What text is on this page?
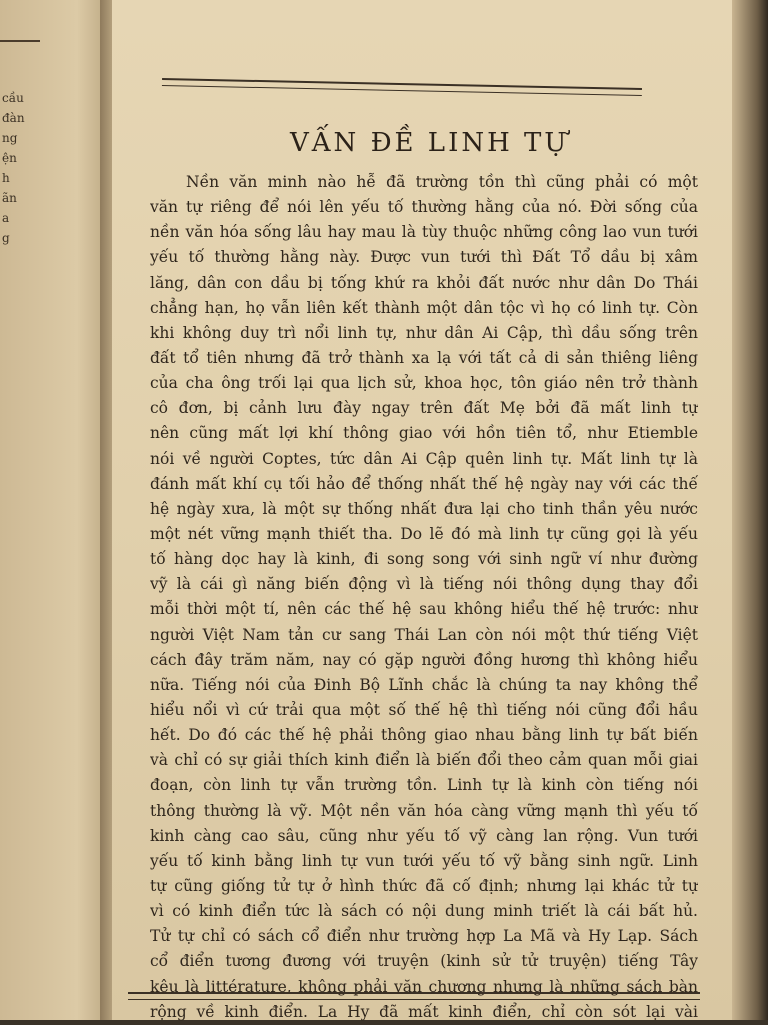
cầu
đàn
ng
ện
h
ãn
a
g
VẤN ĐỀ LINH TỰ
Nền văn minh nào hễ đã trường tồn thì cũng phải có một
văn tự riêng để nói lên yếu tố thường hằng của nó. Đời sống của
nền văn hóa sống lâu hay mau là tùy thuộc những công lao vun tưới
yếu tố thường hằng này. Được vun tưới thì Đất Tổ dầu bị xâm
lăng, dân con dầu bị tống khứ ra khỏi đất nước như dân Do Thái
chẳng hạn, họ vẫn liên kết thành một dân tộc vì họ có linh tự. Còn
khi không duy trì nổi linh tự, như dân Ai Cập, thì dầu sống trên
đất tổ tiên nhưng đã trở thành xa lạ với tất cả di sản thiêng liêng
của cha ông trối lại qua lịch sử, khoa học, tôn giáo nên trở thành
cô đơn, bị cảnh lưu đày ngay trên đất Mẹ bởi đã mất linh tự
nên cũng mất lợi khí thông giao với hồn tiên tổ, như Etiemble
nói về người Coptes, tức dân Ai Cập quên linh tự. Mất linh tự là
đánh mất khí cụ tối hảo để thống nhất thế hệ ngày nay với các thế
hệ ngày xưa, là một sự thống nhất đưa lại cho tinh thần yêu nước
một nét vững mạnh thiết tha. Do lẽ đó mà linh tự cũng gọi là yếu
tố hàng dọc hay là kinh, đi song song với sinh ngữ ví như đường
vỹ là cái gì năng biến động vì là tiếng nói thông dụng thay đổi
mỗi thời một tí, nên các thế hệ sau không hiểu thế hệ trước: như
người Việt Nam tản cư sang Thái Lan còn nói một thứ tiếng Việt
cách đây trăm năm, nay có gặp người đồng hương thì không hiểu
nữa. Tiếng nói của Đinh Bộ Lĩnh chắc là chúng ta nay không thể
hiểu nổi vì cứ trải qua một số thế hệ thì tiếng nói cũng đổi hầu
hết. Do đó các thế hệ phải thông giao nhau bằng linh tự bất biến
và chỉ có sự giải thích kinh điển là biến đổi theo cảm quan mỗi giai
đoạn, còn linh tự vẫn trường tồn. Linh tự là kinh còn tiếng nói
thông thường là vỹ. Một nền văn hóa càng vững mạnh thì yếu tố
kinh càng cao sâu, cũng như yếu tố vỹ càng lan rộng. Vun tưới
yếu tố kinh bằng linh tự vun tưới yếu tố vỹ bằng sinh ngữ. Linh
tự cũng giống tử tự ở hình thức đã cố định; nhưng lại khác tử tự
vì có kinh điển tức là sách có nội dung minh triết là cái bất hủ.
Tử tự chỉ có sách cổ điển như trường hợp La Mã và Hy Lạp. Sách
cổ điển tương đương với truyện (kinh sử tử truyện) tiếng Tây
kêu là littérature, không phải văn chương nhưng là những sách bàn
rộng về kinh điển. La Hy đã mất kinh điển, chỉ còn sót lại vài
